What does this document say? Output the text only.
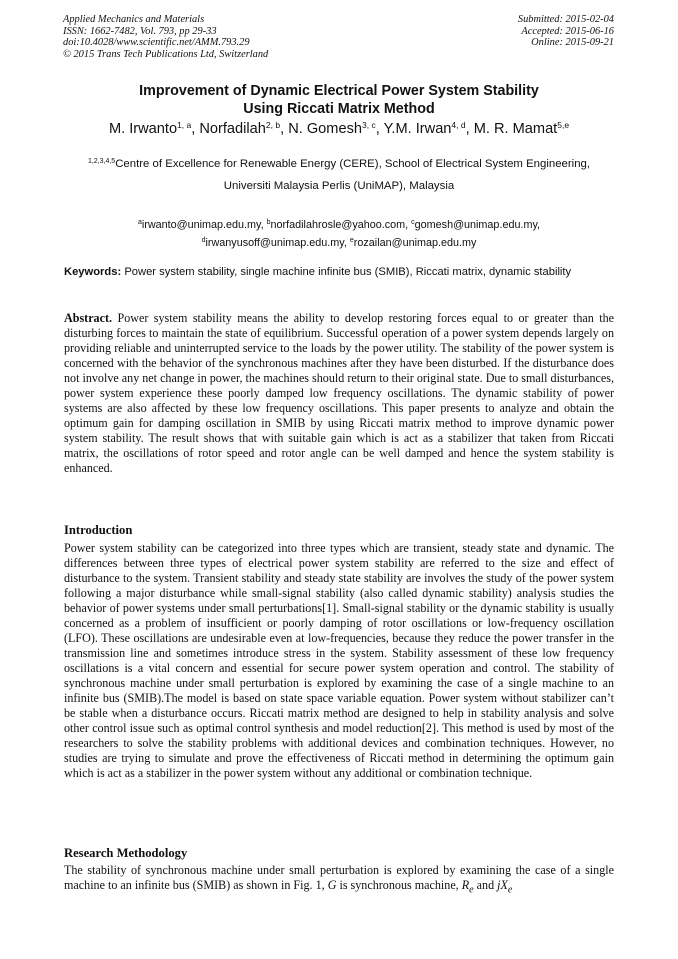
Applied Mechanics and Materials
ISSN: 1662-7482, Vol. 793, pp 29-33
doi:10.4028/www.scientific.net/AMM.793.29
© 2015 Trans Tech Publications Ltd, Switzerland
Submitted: 2015-02-04
Accepted: 2015-06-16
Online: 2015-09-21
Improvement of Dynamic Electrical Power System Stability
Using Riccati Matrix Method
M. Irwanto$^{1, a}$, Norfadilah$^{2, b}$, N. Gomesh$^{3, c}$, Y.M. Irwan$^{4, d}$, M. R. Mamat$^{5,e}$
$^{1,2,3,4,5}$Centre of Excellence for Renewable Energy (CERE), School of Electrical System Engineering,
Universiti Malaysia Perlis (UniMAP), Malaysia
$^a$irwanto@unimap.edu.my, $^b$norfadilahrosle@yahoo.com, $^c$gomesh@unimap.edu.my,
$^d$irwanyusoff@unimap.edu.my, $^e$rozailan@unimap.edu.my
Keywords: Power system stability, single machine infinite bus (SMIB), Riccati matrix, dynamic stability
Abstract. Power system stability means the ability to develop restoring forces equal to or greater than the disturbing forces to maintain the state of equilibrium. Successful operation of a power system depends largely on providing reliable and uninterrupted service to the loads by the power utility. The stability of the power system is concerned with the behavior of the synchronous machines after they have been disturbed. If the disturbance does not involve any net change in power, the machines should return to their original state. Due to small disturbances, power system experience these poorly damped low frequency oscillations. The dynamic stability of power systems are also affected by these low frequency oscillations. This paper presents to analyze and obtain the optimum gain for damping oscillation in SMIB by using Riccati matrix method to improve dynamic power system stability. The result shows that with suitable gain which is act as a stabilizer that taken from Riccati matrix, the oscillations of rotor speed and rotor angle can be well damped and hence the system stability is enhanced.
Introduction
Power system stability can be categorized into three types which are transient, steady state and dynamic. The differences between three types of electrical power system stability are referred to the size and effect of disturbance to the system. Transient stability and steady state stability are involves the study of the power system following a major disturbance while small-signal stability (also called dynamic stability) analysis studies the behavior of power systems under small perturbations[1]. Small-signal stability or the dynamic stability is usually concerned as a problem of insufficient or poorly damping of rotor oscillations or low-frequency oscillation (LFO). These oscillations are undesirable even at low-frequencies, because they reduce the power transfer in the transmission line and sometimes introduce stress in the system. Stability assessment of these low frequency oscillations is a vital concern and essential for secure power system operation and control. The stability of synchronous machine under small perturbation is explored by examining the case of a single machine to an infinite bus (SMIB).The model is based on state space variable equation. Power system without stabilizer can’t be stable when a disturbance occurs. Riccati matrix method are designed to help in stability analysis and solve other control issue such as optimal control synthesis and model reduction[2]. This method is used by most of the researchers to solve the stability problems with additional devices and combination techniques. However, no studies are trying to simulate and prove the effectiveness of Riccati method in determining the optimum gain which is act as a stabilizer in the power system without any additional or combination technique.
Research Methodology
The stability of synchronous machine under small perturbation is explored by examining the case of a single machine to an infinite bus (SMIB) as shown in Fig. 1, G is synchronous machine, $R_e$ and $jX_e$
